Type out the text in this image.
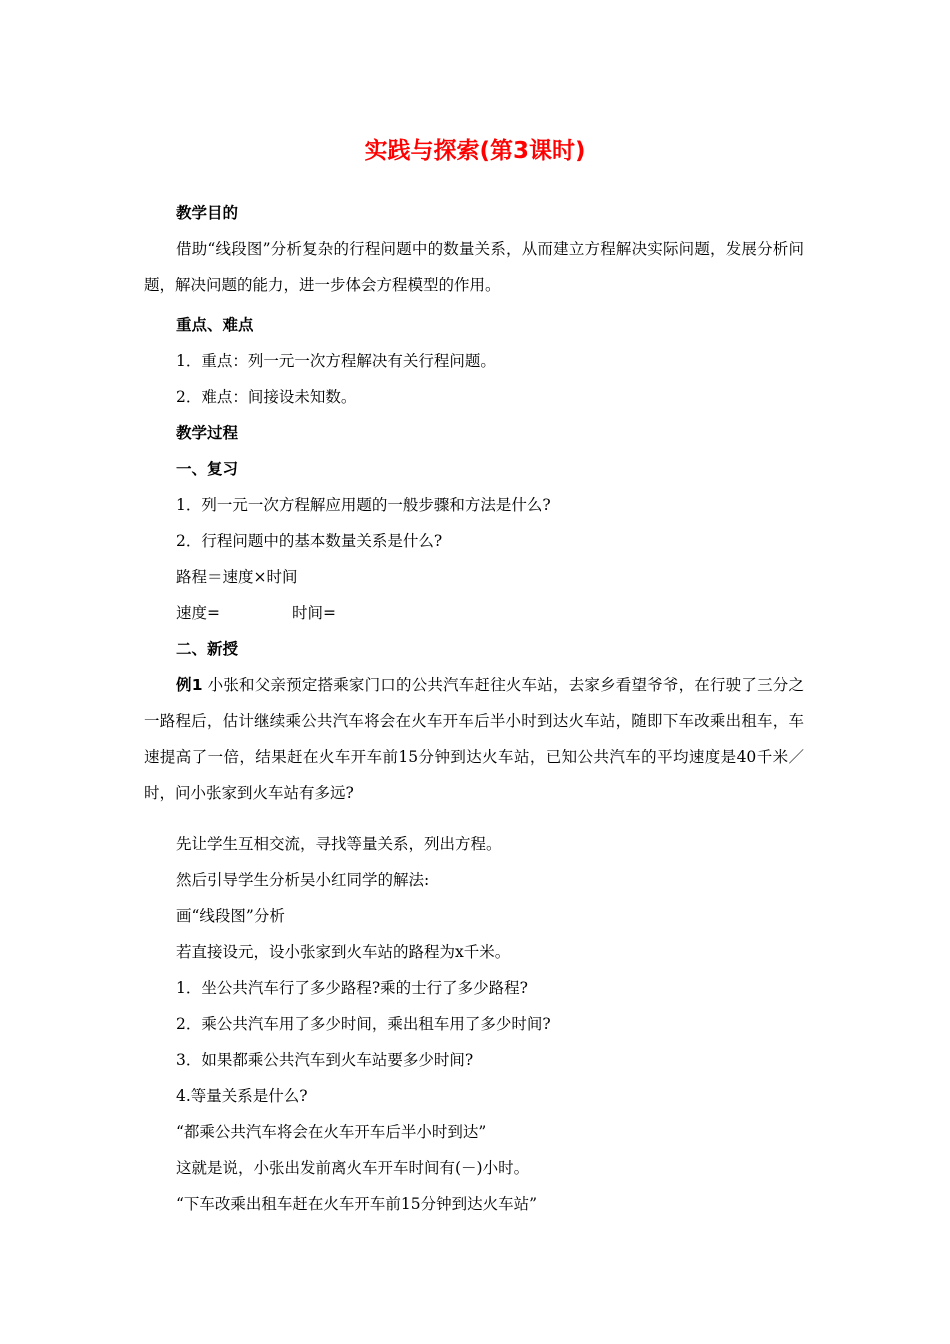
实践与探索(第3课时)
教学目的
借助“线段图”分析复杂的行程问题中的数量关系，从而建立方程解决实际问题，发展分析问题，解决问题的能力，进一步体会方程模型的作用。
重点、难点
1．重点：列一元一次方程解决有关行程问题。
2．难点：间接设未知数。
教学过程
一、复习
1．列一元一次方程解应用题的一般步骤和方法是什么?
2．行程问题中的基本数量关系是什么?
路程＝速度×时间
速度=	时间=
二、新授
例1 小张和父亲预定搭乘家门口的公共汽车赶往火车站，去家乡看望爷爷，在行驶了三分之一路程后，估计继续乘公共汽车将会在火车开车后半小时到达火车站，随即下车改乘出租车，车速提高了一倍，结果赶在火车开车前15分钟到达火车站，已知公共汽车的平均速度是40千米／时，问小张家到火车站有多远?
先让学生互相交流，寻找等量关系，列出方程。
然后引导学生分析吴小红同学的解法:
画“线段图”分析
若直接设元，设小张家到火车站的路程为x千米。
1．坐公共汽车行了多少路程?乘的士行了多少路程?
2．乘公共汽车用了多少时间，乘出租车用了多少时间?
3．如果都乘公共汽车到火车站要多少时间?
4.等量关系是什么?
“都乘公共汽车将会在火车开车后半小时到达”
这就是说，小张出发前离火车开车时间有(－)小时。
“下车改乘出租车赶在火车开车前15分钟到达火车站”
